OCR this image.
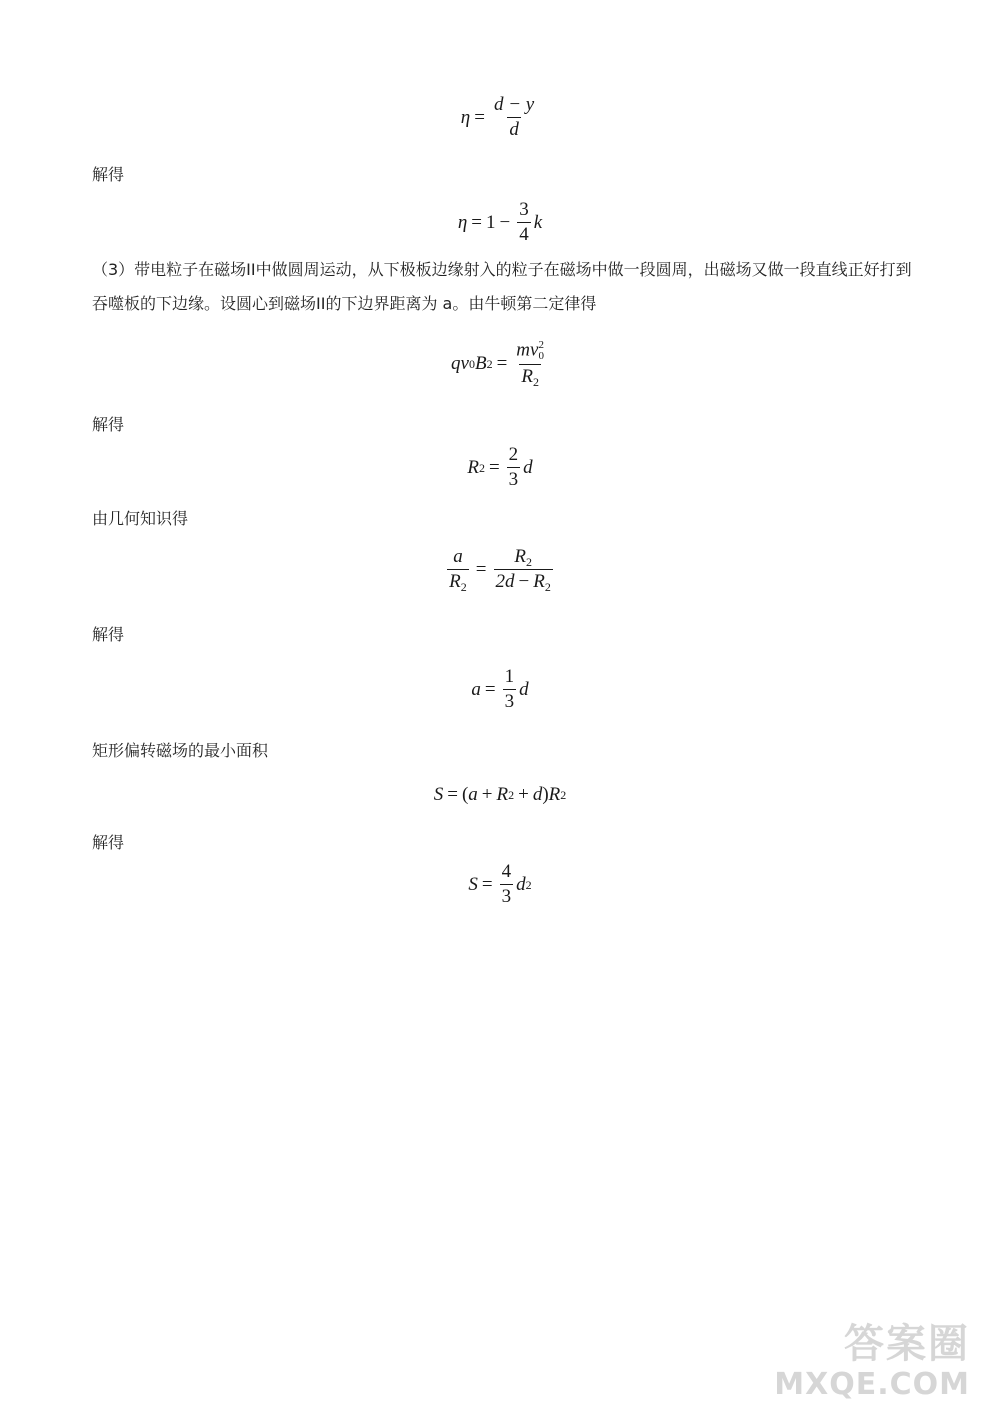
$\eta = \frac{d - y}{d}$
解得
$\eta = 1 - \frac{3}{4}$ k
（3）带电粒子在磁场II中做圆周运动，从下极板边缘射入的粒子在磁场中做一段圆周，出磁场又做一段直线正好打到吞噬板的下边缘。设圆心到磁场II的下边界距离为 a。由牛顿第二定律得
q v 0 B 2 = mv 2
0
$R_2$
解得
R $2 = \frac{2}{3}$ d
由几何知识得
$\frac{a}{R_2} = \frac{R_2}{2d - R_2}$
解得
$a = \frac{1}{3}$ d
矩形偏转磁场的最小面积
S = ( a + R 2 + d ) R 2
解得
$S = \frac{4}{3}$ d 2
答案圈
MXQE.COM
